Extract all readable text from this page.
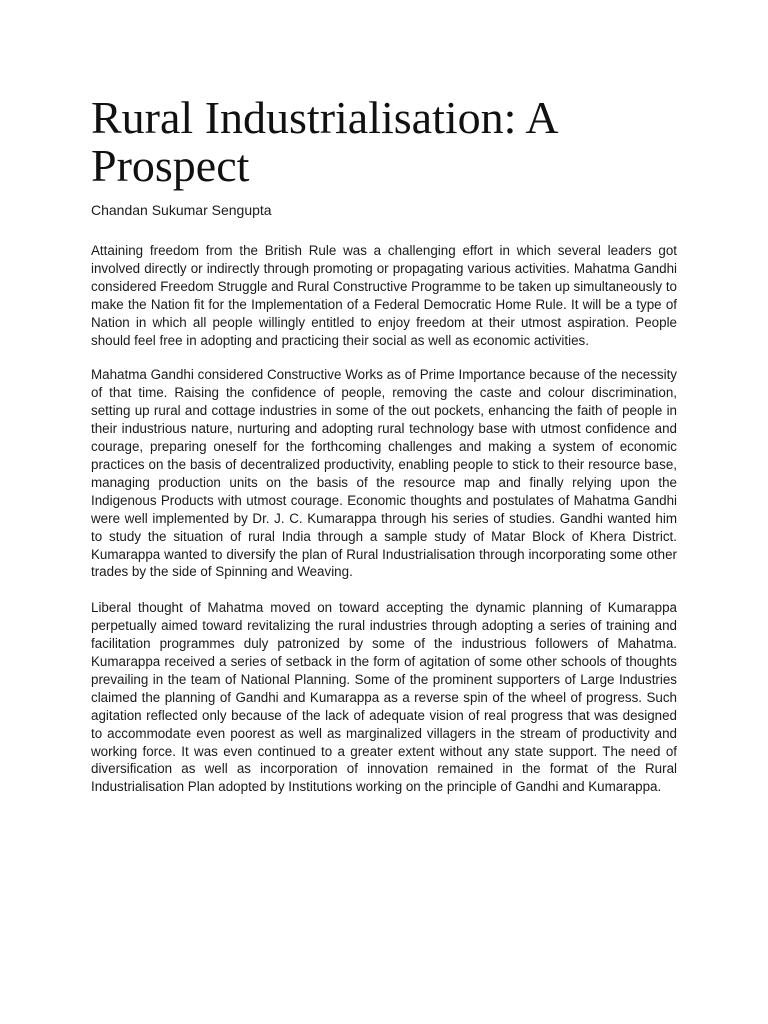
Rural Industrialisation: A Prospect

Chandan Sukumar Sengupta

Attaining freedom from the British Rule was a challenging effort in which several leaders got involved directly or indirectly through promoting or propagating various activities. Mahatma Gandhi considered Freedom Struggle and Rural Constructive Programme to be taken up simultaneously to make the Nation fit for the Implementation of a Federal Democratic Home Rule. It will be a type of Nation in which all people willingly entitled to enjoy freedom at their utmost aspiration. People should feel free in adopting and practicing their social as well as economic activities.

Mahatma Gandhi considered Constructive Works as of Prime Importance because of the necessity of that time. Raising the confidence of people, removing the caste and colour discrimination, setting up rural and cottage industries in some of the out pockets, enhancing the faith of people in their industrious nature, nurturing and adopting rural technology base with utmost confidence and courage, preparing oneself for the forthcoming challenges and making a system of economic practices on the basis of decentralized productivity, enabling people to stick to their resource base, managing production units on the basis of the resource map and finally relying upon the Indigenous Products with utmost courage. Economic thoughts and postulates of Mahatma Gandhi were well implemented by Dr. J. C. Kumarappa through his series of studies. Gandhi wanted him to study the situation of rural India through a sample study of Matar Block of Khera District. Kumarappa wanted to diversify the plan of Rural Industrialisation through incorporating some other trades by the side of Spinning and Weaving.

Liberal thought of Mahatma moved on toward accepting the dynamic planning of Kumarappa perpetually aimed toward revitalizing the rural industries through adopting a series of training and facilitation programmes duly patronized by some of the industrious followers of Mahatma. Kumarappa received a series of setback in the form of agitation of some other schools of thoughts prevailing in the team of National Planning. Some of the prominent supporters of Large Industries claimed the planning of Gandhi and Kumarappa as a reverse spin of the wheel of progress. Such agitation reflected only because of the lack of adequate vision of real progress that was designed to accommodate even poorest as well as marginalized villagers in the stream of productivity and working force. It was even continued to a greater extent without any state support. The need of diversification as well as incorporation of innovation remained in the format of the Rural Industrialisation Plan adopted by Institutions working on the principle of Gandhi and Kumarappa.
